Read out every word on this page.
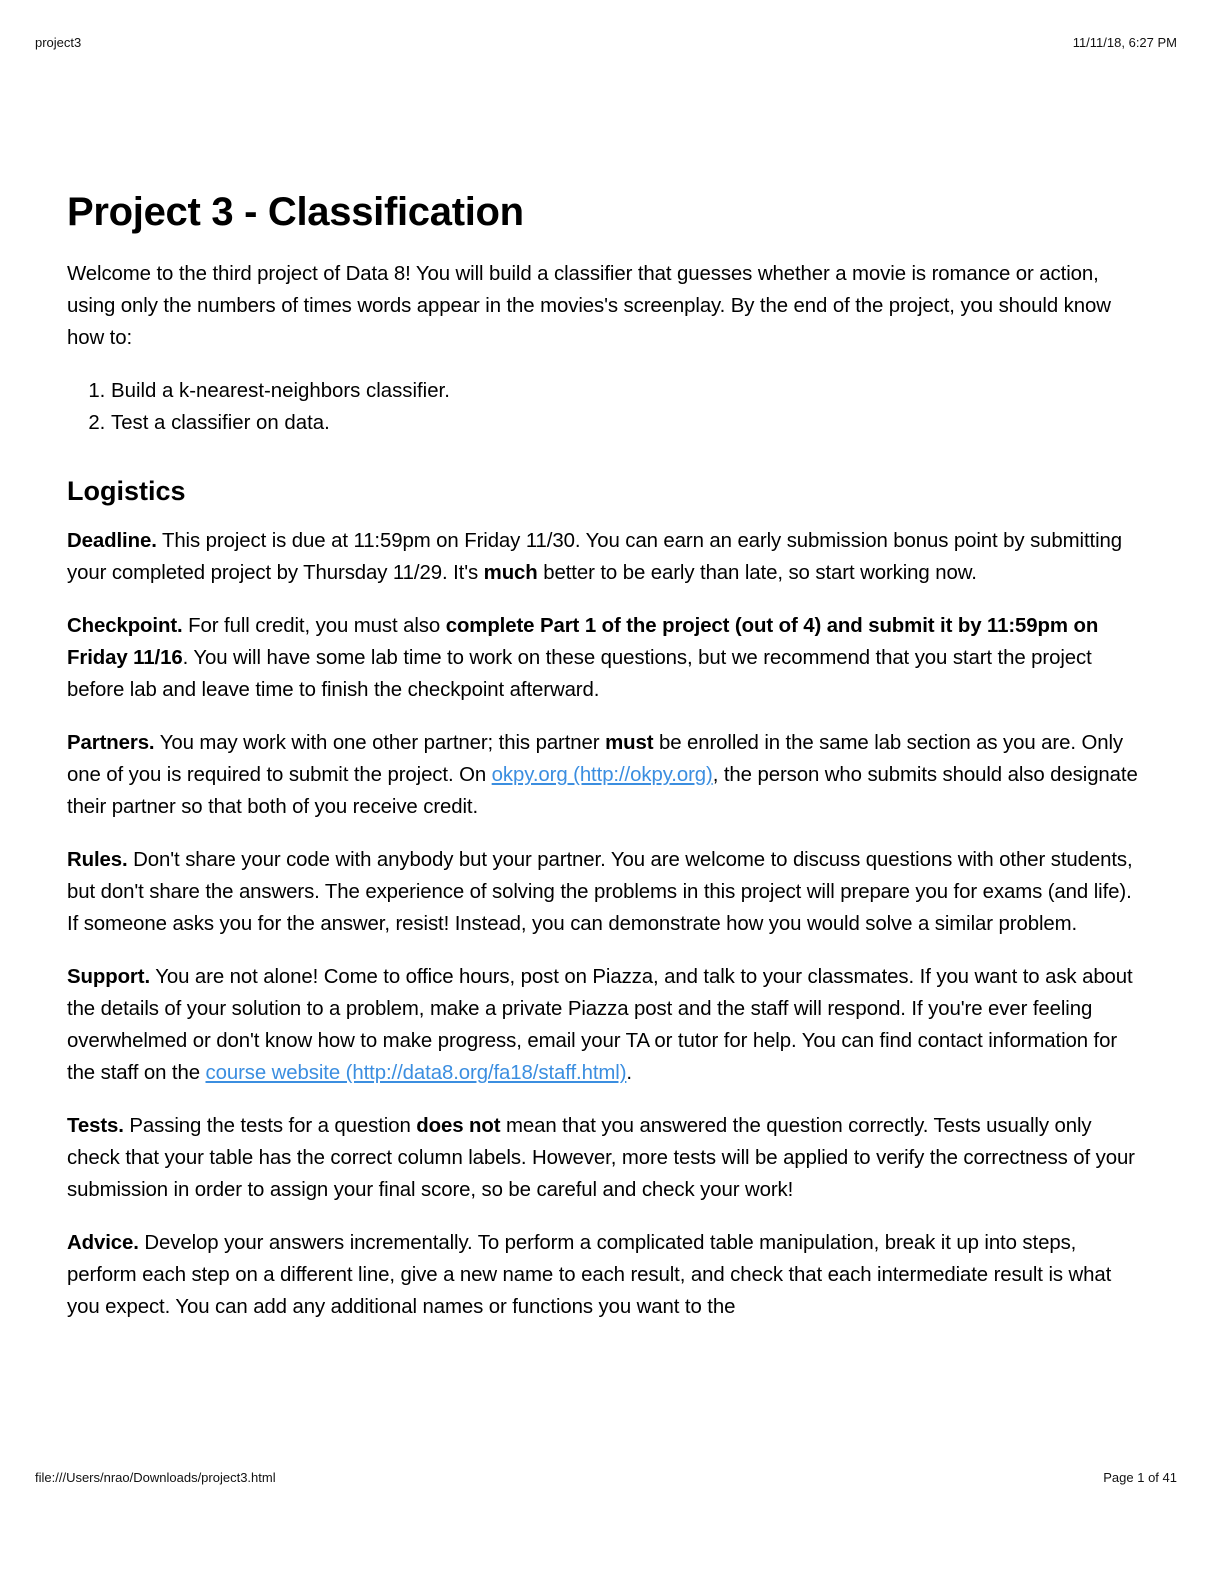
project3	11/11/18, 6:27 PM
Project 3 - Classification

Welcome to the third project of Data 8! You will build a classifier that guesses whether a movie is romance or action, using only the numbers of times words appear in the movies's screenplay. By the end of the project, you should know how to:

1. Build a k-nearest-neighbors classifier.
2. Test a classifier on data.
Logistics

Deadline. This project is due at 11:59pm on Friday 11/30. You can earn an early submission bonus point by submitting your completed project by Thursday 11/29. It's much better to be early than late, so start working now.

Checkpoint. For full credit, you must also complete Part 1 of the project (out of 4) and submit it by 11:59pm on Friday 11/16. You will have some lab time to work on these questions, but we recommend that you start the project before lab and leave time to finish the checkpoint afterward.

Partners. You may work with one other partner; this partner must be enrolled in the same lab section as you are. Only one of you is required to submit the project. On okpy.org (http://okpy.org), the person who submits should also designate their partner so that both of you receive credit.

Rules. Don't share your code with anybody but your partner. You are welcome to discuss questions with other students, but don't share the answers. The experience of solving the problems in this project will prepare you for exams (and life). If someone asks you for the answer, resist! Instead, you can demonstrate how you would solve a similar problem.

Support. You are not alone! Come to office hours, post on Piazza, and talk to your classmates. If you want to ask about the details of your solution to a problem, make a private Piazza post and the staff will respond. If you're ever feeling overwhelmed or don't know how to make progress, email your TA or tutor for help. You can find contact information for the staff on the course website (http://data8.org/fa18/staff.html).

Tests. Passing the tests for a question does not mean that you answered the question correctly. Tests usually only check that your table has the correct column labels. However, more tests will be applied to verify the correctness of your submission in order to assign your final score, so be careful and check your work!

Advice. Develop your answers incrementally. To perform a complicated table manipulation, break it up into steps, perform each step on a different line, give a new name to each result, and check that each intermediate result is what you expect. You can add any additional names or functions you want to the

file:///Users/nrao/Downloads/project3.html	Page 1 of 41
